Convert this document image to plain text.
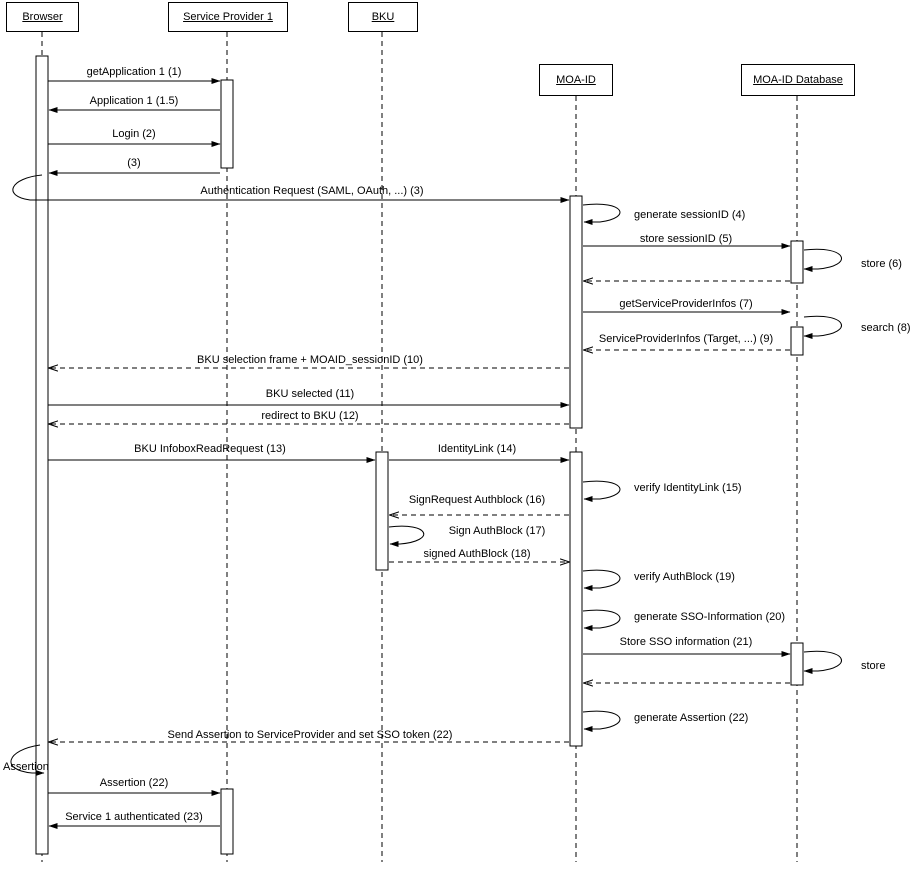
Browser	Service Provider 1	BKU
MOA-ID	MOA-ID Database
getApplication 1 (1)
Application 1 (1.5)
Login (2)
(3)
Authentication Request (SAML, OAuth, ...) (3)
generate sessionID (4)
store sessionID (5)
store (6)
getServiceProviderInfos (7)
search (8)
ServiceProviderInfos (Target, ...) (9)
BKU selection frame + MOAID_sessionID (10)
BKU selected (11)
redirect to BKU (12)
BKU InfoboxReadRequest (13)	IdentityLink (14)
verify IdentityLink (15)
SignRequest Authblock (16)
Sign AuthBlock (17)
signed AuthBlock (18)
verify AuthBlock (19)
generate SSO-Information (20)
Store SSO information (21)
store
generate Assertion (22)
Send Assertion to ServiceProvider and set SSO token (22)
Assertion
Assertion (22)
Service 1 authenticated (23)
